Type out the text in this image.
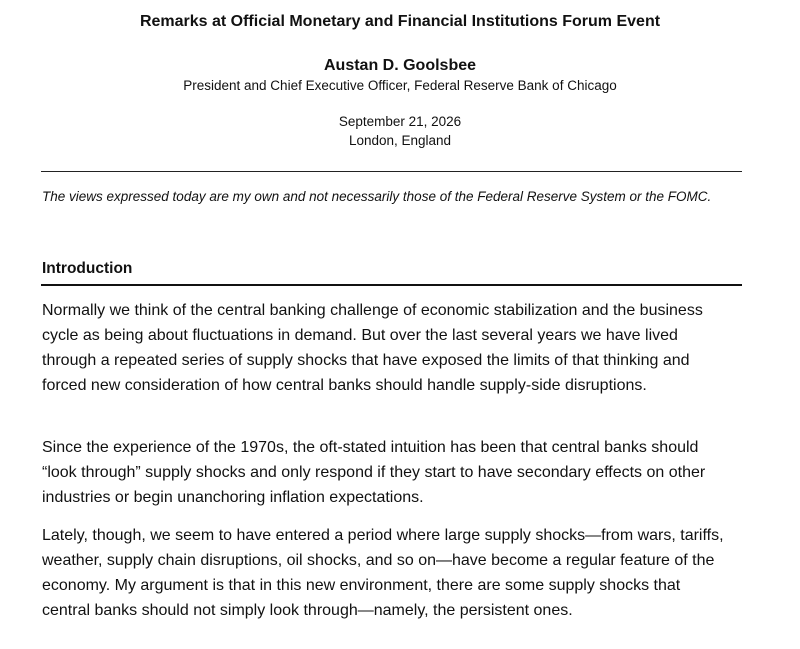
Remarks at Official Monetary and Financial Institutions Forum Event
Austan D. Goolsbee
President and Chief Executive Officer, Federal Reserve Bank of Chicago
September 21, 2026
London, England
The views expressed today are my own and not necessarily those of the Federal Reserve System or the FOMC.
Introduction

Normally we think of the central banking challenge of economic stabilization and the business cycle as being about fluctuations in demand. But over the last several years we have lived through a repeated series of supply shocks that have exposed the limits of that thinking and forced new consideration of how central banks should handle supply-side disruptions.

Since the experience of the 1970s, the oft-stated intuition has been that central banks should “look through” supply shocks and only respond if they start to have secondary effects on other industries or begin unanchoring inflation expectations.

Lately, though, we seem to have entered a period where large supply shocks—from wars, tariffs, weather, supply chain disruptions, oil shocks, and so on—have become a regular feature of the economy. My argument is that in this new environment, there are some supply shocks that central banks should not simply look through—namely, the persistent ones.
